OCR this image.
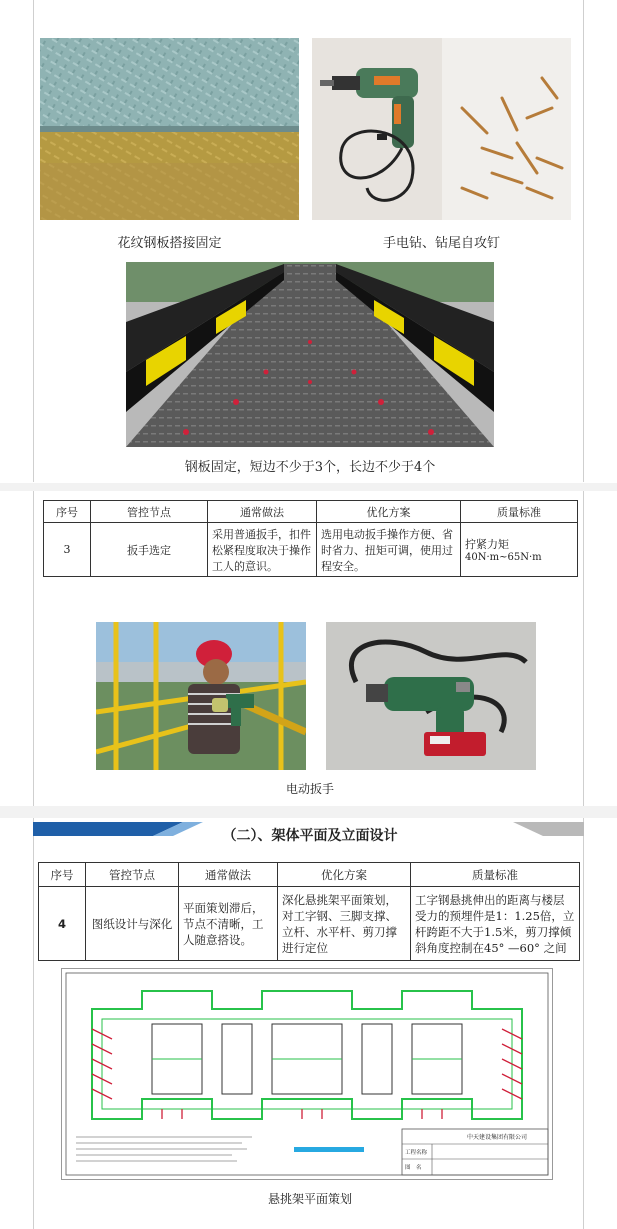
花纹钢板搭接固定	手电钻、钻尾自攻钉
钢板固定，短边不少于3个，长边不少于4个
序号	管控节点	通常做法	优化方案	质量标准
3	扳手选定	采用普通扳手，扣件松紧程度取决于操作工人的意识。	选用电动扳手操作方便、省时省力、扭矩可调，使用过程安全。	拧紧力矩
40N·m~65N·m
电动扳手
（二）、架体平面及立面设计
序号	管控节点	通常做法	优化方案	质量标准
4	图纸设计与深化	平面策划滞后，节点不清晰，工人随意搭设。	深化悬挑架平面策划，对工字钢、三脚支撑、立杆、水平杆、剪刀撑进行定位	工字钢悬挑伸出的距离与楼层受力的预埋件是1：1.25倍，立杆跨距不大于1.5米，剪刀撑倾斜角度控制在45° —60° 之间
中天建设集团有限公司
工程名称
图　名
悬挑架平面策划
